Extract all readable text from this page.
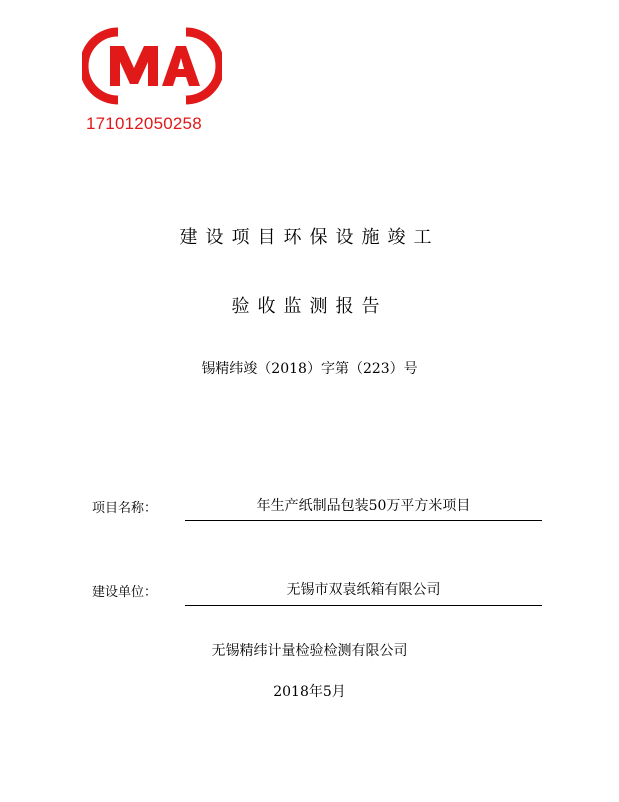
171012050258
建设项目环保设施竣工
验收监测报告
锡精纬竣（2018）字第（223）号
项目名称：	年生产纸制品包装50万平方米项目
建设单位：	无锡市双袁纸箱有限公司
无锡精纬计量检验检测有限公司
2018年5月
